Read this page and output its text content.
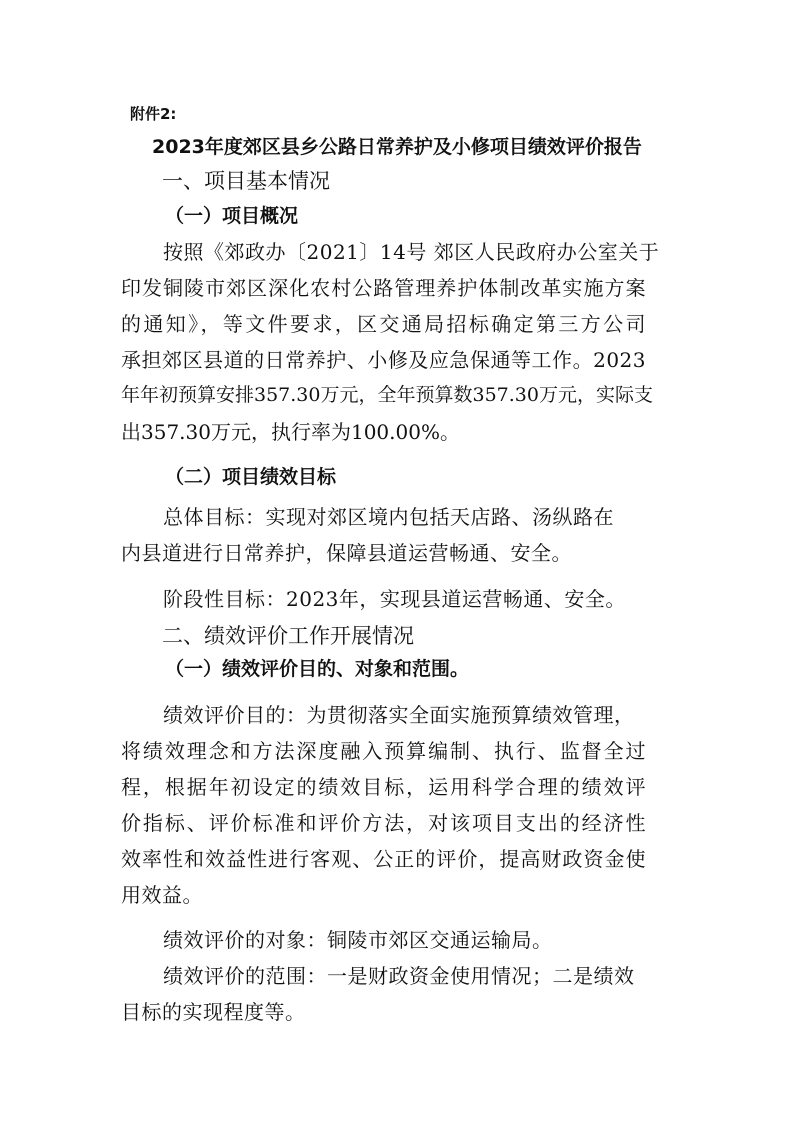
附件2:
2023年度郊区县乡公路日常养护及小修项目绩效评价报告
一、项目基本情况
（一）项目概况
按照《郊政办〔2021〕14号 郊区人民政府办公室关于
印发铜陵市郊区深化农村公路管理养护体制改革实施方案
的通知》，等文件要求，区交通局招标确定第三方公司
承担郊区县道的日常养护、小修及应急保通等工作。2023
年年初预算安排357.30万元，全年预算数357.30万元，实际支
出357.30万元，执行率为100.00%。
（二）项目绩效目标
总体目标：实现对郊区境内包括天店路、汤纵路在
内县道进行日常养护，保障县道运营畅通、安全。
阶段性目标：2023年，实现县道运营畅通、安全。
二、绩效评价工作开展情况
（一）绩效评价目的、对象和范围。
绩效评价目的：为贯彻落实全面实施预算绩效管理，
将绩效理念和方法深度融入预算编制、执行、监督全过
程，根据年初设定的绩效目标，运用科学合理的绩效评
价指标、评价标准和评价方法，对该项目支出的经济性
效率性和效益性进行客观、公正的评价，提高财政资金使
用效益。
绩效评价的对象：铜陵市郊区交通运输局。
绩效评价的范围：一是财政资金使用情况；二是绩效
目标的实现程度等。
